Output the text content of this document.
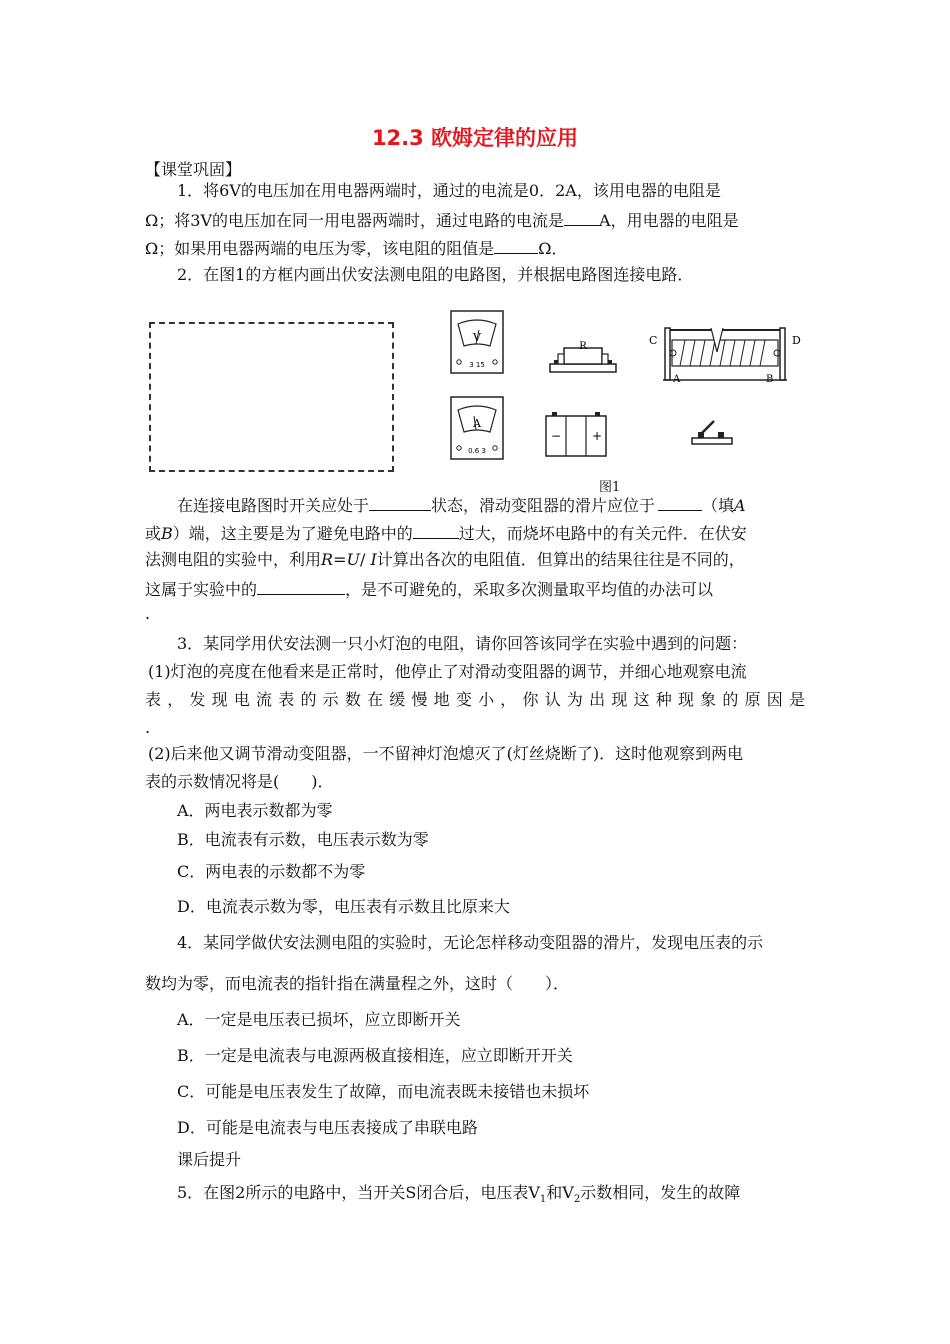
12.3 欧姆定律的应用
【课堂巩固】
1．将6V的电压加在用电器两端时，通过的电流是0．2A，该用电器的电阻是
Ω；将3V的电压加在同一用电器两端时，通过电路的电流是 A，用电器的电阻是
Ω；如果用电器两端的电压为零，该电阻的阻值是	Ω．
2．在图1的方框内画出伏安法测电阻的电路图，并根据电路图连接电路．
V
3 15
A
0.6 3
R	C	D
A	B
−	+
图1
在连接电路图时开关应处于	状态，滑动变阻器的滑片应位于	（填A
或B）端，这主要是为了避免电路中的	过大，而烧坏电路中的有关元件．在伏安
法测电阻的实验中，利用R=U/ I计算出各次的电阻值．但算出的结果往往是不同的，
这属于实验中的	，是不可避免的，采取多次测量取平均值的办法可以
.
3．某同学用伏安法测一只小灯泡的电阻，请你回答该同学在实验中遇到的问题：
(1)灯泡的亮度在他看来是正常时，他停止了对滑动变阻器的调节，并细心地观察电流
表，发现电流表的示数在缓慢地变小，你认为出现这种现象的原因是
.
(2)后来他又调节滑动变阻器，一不留神灯泡熄灭了(灯丝烧断了)．这时他观察到两电
表的示数情况将是(　　)．
A．两电表示数都为零
B．电流表有示数，电压表示数为零
C．两电表的示数都不为零
D．电流表示数为零，电压表有示数且比原来大
4．某同学做伏安法测电阻的实验时，无论怎样移动变阻器的滑片，发现电压表的示
数均为零，而电流表的指针指在满量程之外，这时（　　）．
A．一定是电压表已损坏，应立即断开关
B．一定是电流表与电源两极直接相连，应立即断开开关
C．可能是电压表发生了故障，而电流表既未接错也未损坏
D．可能是电流表与电压表接成了串联电路
课后提升
5．在图2所示的电路中，当开关S闭合后，电压表$V_1$和$V_2$示数相同，发生的故障
